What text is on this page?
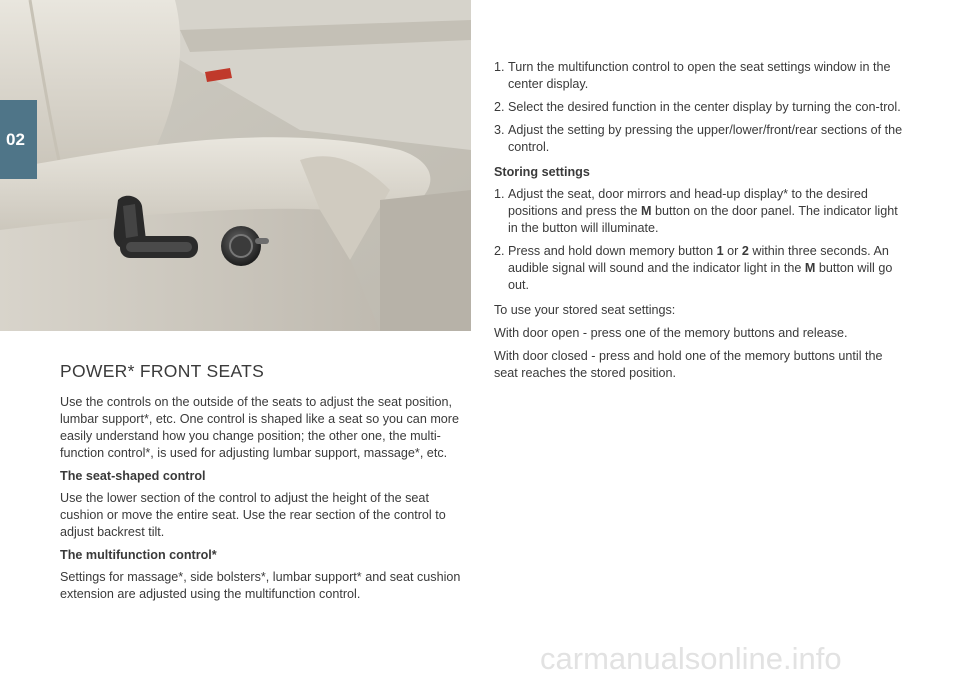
02
POWER* FRONT SEATS

Use the controls on the outside of the seats to adjust the seat position, lumbar support*, etc. One control is shaped like a seat so you can more easily understand how you change position; the other one, the multi-function control*, is used for adjusting lumbar support, massage*, etc.

The seat-shaped control

Use the lower section of the control to adjust the height of the seat cushion or move the entire seat. Use the rear section of the control to adjust backrest tilt.

The multifunction control*

Settings for massage*, side bolsters*, lumbar support* and seat cushion extension are adjusted using the multifunction control.

1. Turn the multifunction control to open the seat settings window in the center display.
2. Select the desired function in the center display by turning the con-trol.
3. Adjust the setting by pressing the upper/lower/front/rear sections of the control.
Storing settings
1. Adjust the seat, door mirrors and head-up display* to the desired positions and press the M button on the door panel. The indicator light in the button will illuminate.
2. Press and hold down memory button 1 or 2 within three seconds. An audible signal will sound and the indicator light in the M button will go out.

To use your stored seat settings:

With door open - press one of the memory buttons and release.

With door closed - press and hold one of the memory buttons until the seat reaches the stored position.

carmanualsonline.info
